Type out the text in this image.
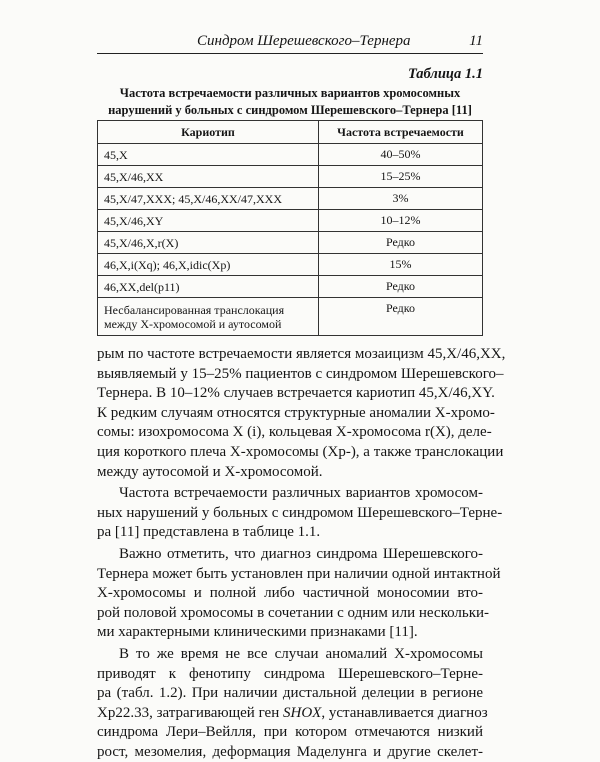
Синдром Шерешевского–Тернера	11
Таблица 1.1
Частота встречаемости различных вариантов хромосомных
нарушений у больных с синдромом Шерешевского–Тернера [11]
Кариотип	Частота встречаемости
45,X	40–50%
45,X/46,XX	15–25%
45,X/47,XXX; 45,X/46,XX/47,XXX	3%
45,X/46,XY	10–12%
45,X/46,X,r(X)	Редко
46,X,i(Xq); 46,X,idic(Xp)	15%
46,XX,del(p11)	Редко

Несбалансированная транслокация
между Х-хромосомой и аутосомой	Редко

рым по частоте встречаемости является мозаицизм 45,X/46,XX,
выявляемый у 15–25% пациентов с синдромом Шерешевского–
Тернера. В 10–12% случаев встречается кариотип 45,X/46,XY.
К редким случаям относятся структурные аномалии Х-хромо-
сомы: изохромосома X (i), кольцевая Х-хромосома r(X), деле-
ция короткого плеча Х-хромосомы (Хр-), а также транслокации
между аутосомой и Х-хромосомой.

Частота встречаемости различных вариантов хромосом-
ных нарушений у больных с синдромом Шерешевского–Терне-
ра [11] представлена в таблице 1.1.

Важно отметить, что диагноз синдрома Шерешевского-
Тернера может быть установлен при наличии одной интактной
Х-хромосомы и полной либо частичной моносомии вто-
рой половой хромосомы в сочетании с одним или нескольки-
ми характерными клиническими признаками [11].

В то же время не все случаи аномалий Х-хромосомы
приводят к фенотипу синдрома Шерешевского–Терне-
ра (табл. 1.2). При наличии дистальной делеции в регионе
Хр22.33, затрагивающей ген SHOX, устанавливается диагноз
синдрома Лери–Вейлля, при котором отмечаются низкий
рост, мезомелия, деформация Маделунга и другие скелет-
